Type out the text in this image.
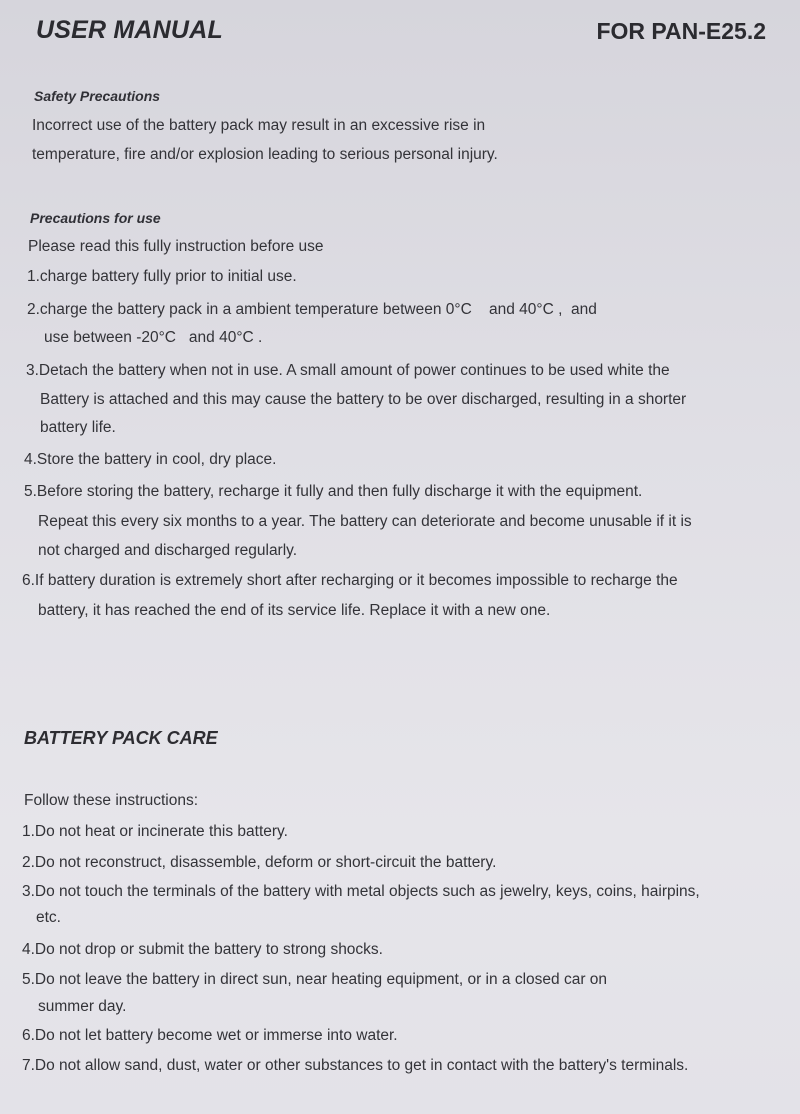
USER MANUAL	FOR PAN-E25.2
Safety Precautions
Incorrect use of the battery pack may result in an excessive rise in
temperature, fire and/or explosion leading to serious personal injury.
Precautions for use
Please read this fully instruction before use
1.charge battery fully prior to initial use.
2.charge the battery pack in a ambient temperature between 0°C    and 40°C ,  and
use between -20°C   and 40°C .
3.Detach the battery when not in use. A small amount of power continues to be used white the
Battery is attached and this may cause the battery to be over discharged, resulting in a shorter
battery life.
4.Store the battery in cool, dry place.
5.Before storing the battery, recharge it fully and then fully discharge it with the equipment.
Repeat this every six months to a year. The battery can deteriorate and become unusable if it is
not charged and discharged regularly.
6.If battery duration is extremely short after recharging or it becomes impossible to recharge the
battery, it has reached the end of its service life. Replace it with a new one.
BATTERY PACK CARE
Follow these instructions:
1.Do not heat or incinerate this battery.
2.Do not reconstruct, disassemble, deform or short-circuit the battery.
3.Do not touch the terminals of the battery with metal objects such as jewelry, keys, coins, hairpins,
etc.
4.Do not drop or submit the battery to strong shocks.
5.Do not leave the battery in direct sun, near heating equipment, or in a closed car on
summer day.
6.Do not let battery become wet or immerse into water.
7.Do not allow sand, dust, water or other substances to get in contact with the battery's terminals.
